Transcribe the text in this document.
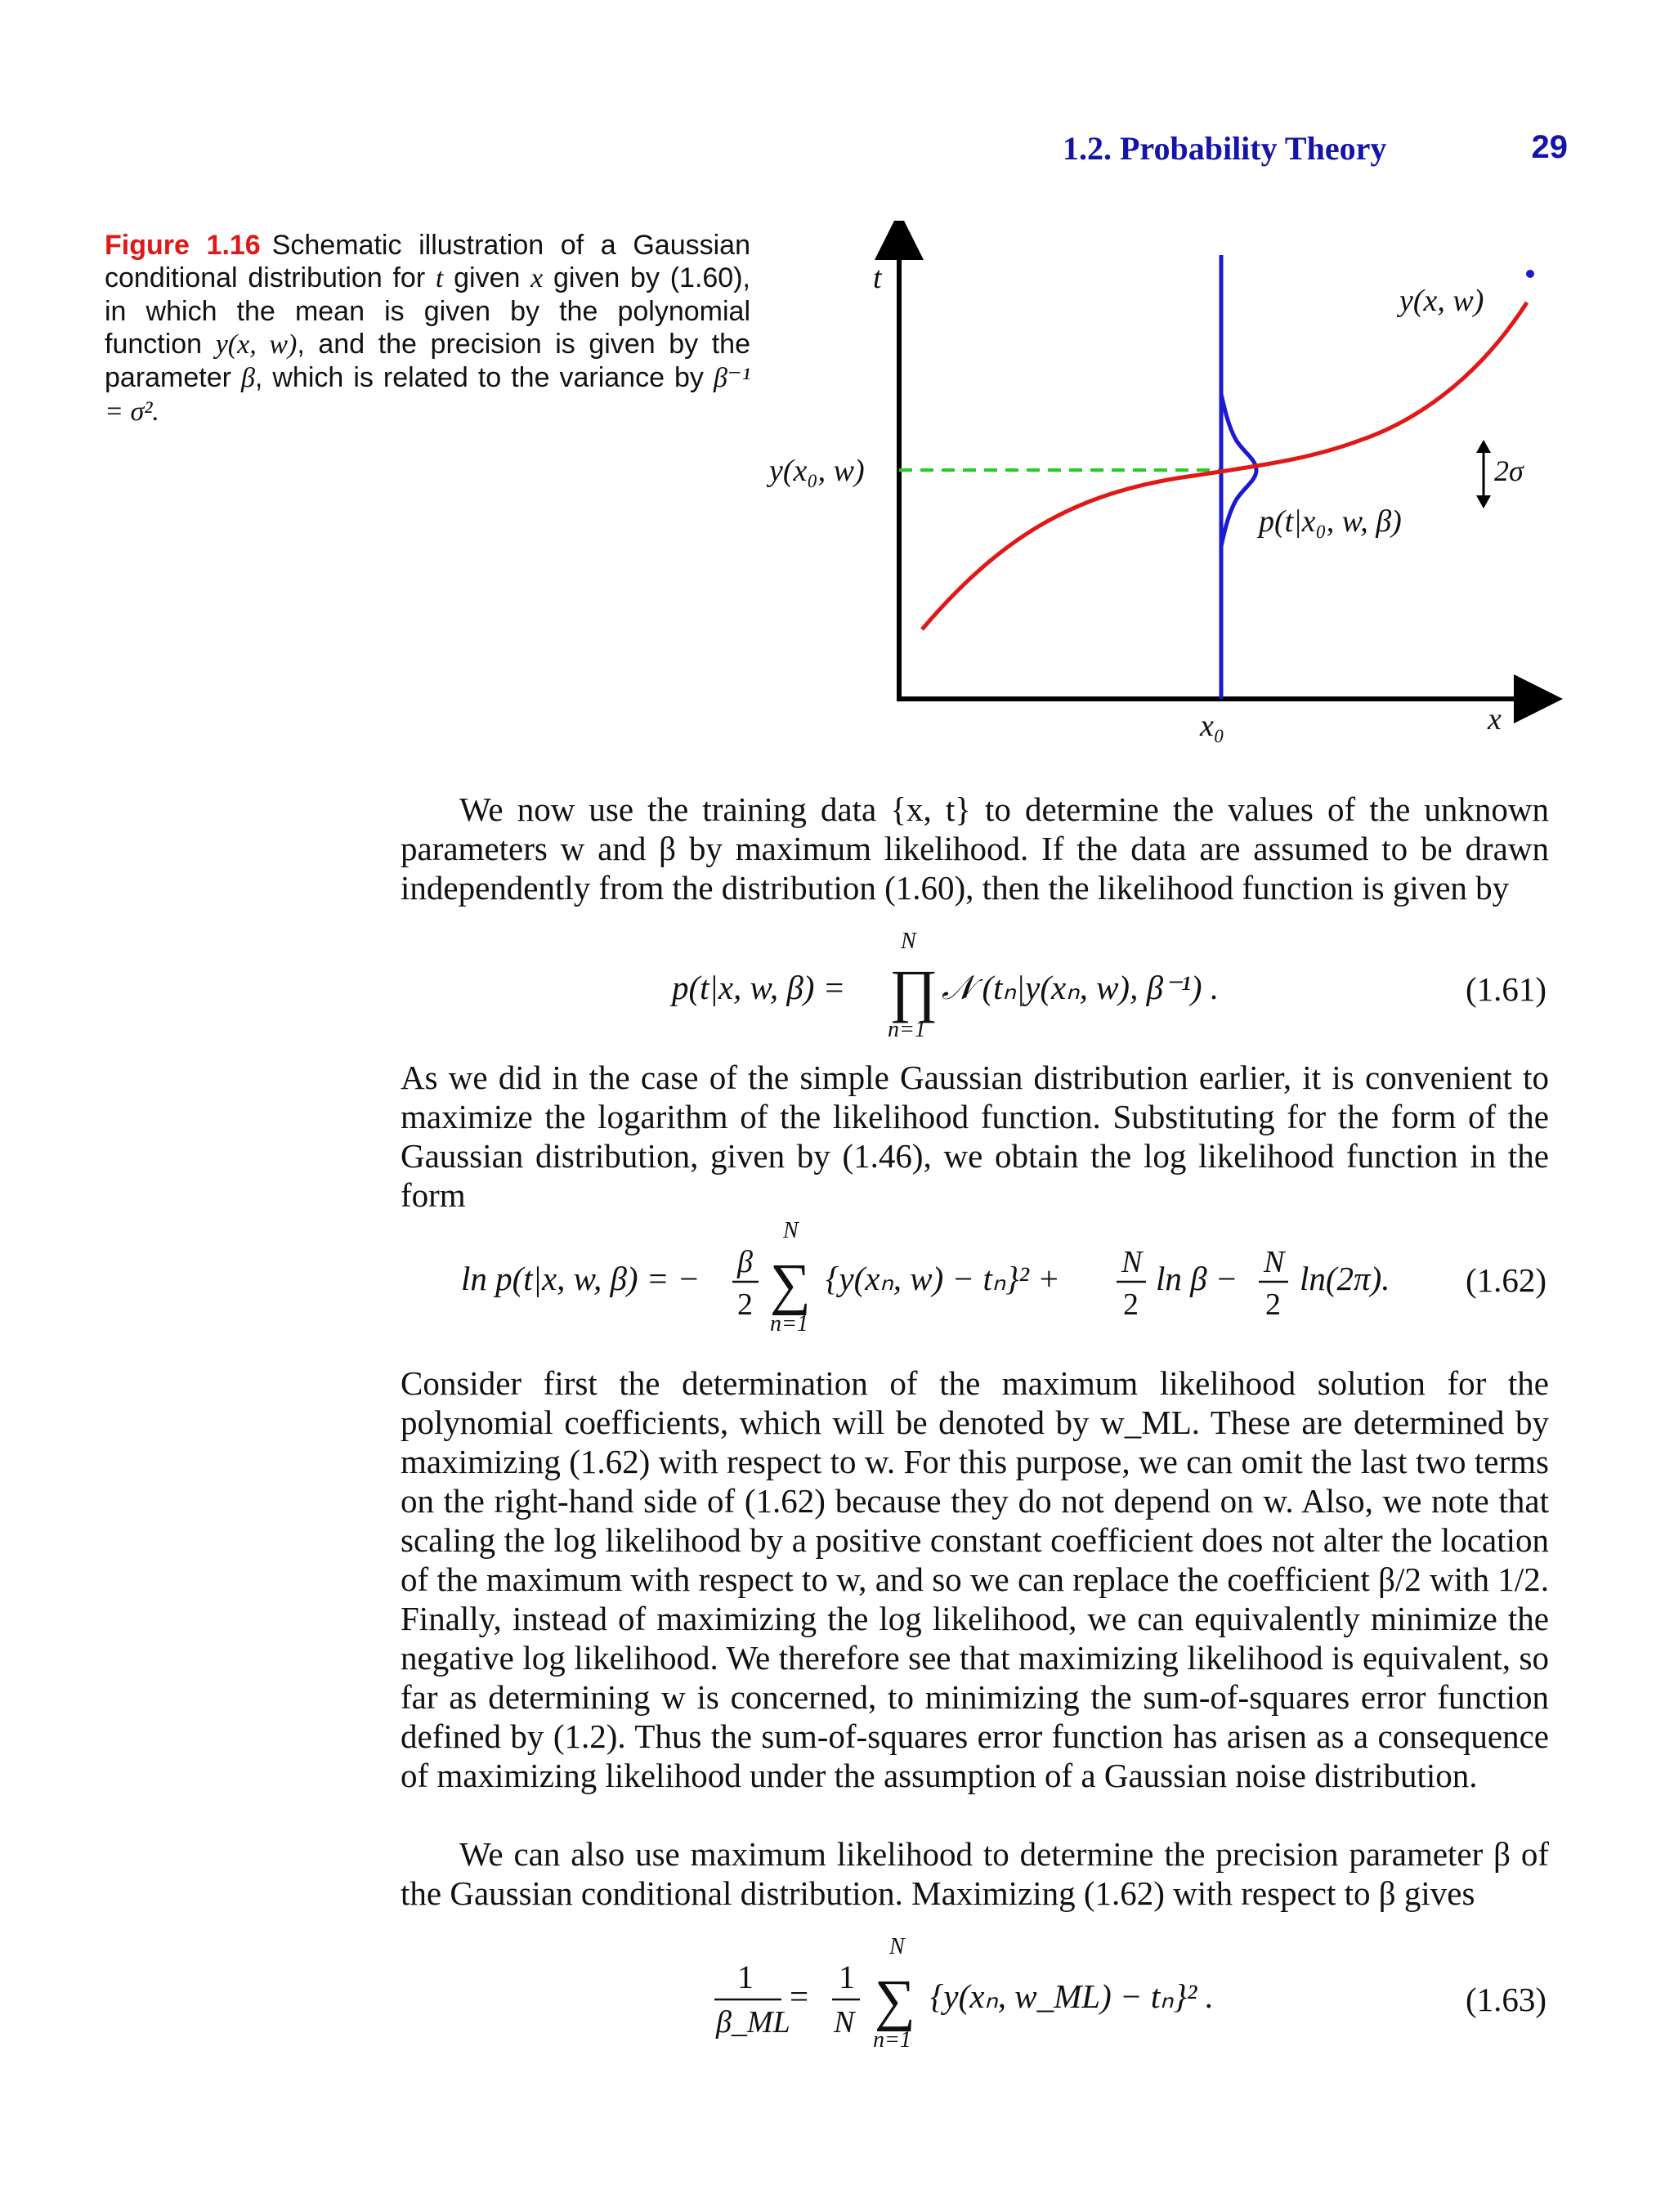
1.2. Probability Theory	29
Figure 1.16 Schematic illustration of a Gaussian conditional distribution for t given x given by (1.60), in which the mean is given by the polynomial function y(x, w), and the precision is given by the parameter β, which is related to the variance by β⁻¹ = σ².
t
y(x, w)
y(x₀, w)
p(t|x₀, w, β)
2σ
x₀	x
We now use the training data {x, t} to determine the values of the unknown parameters w and β by maximum likelihood. If the data are assumed to be drawn independently from the distribution (1.60), then the likelihood function is given by
p(t|x, w, β) =
N
∏
n=1
𝒩 (tₙ|y(xₙ, w), β⁻¹) .	(1.61)
As we did in the case of the simple Gaussian distribution earlier, it is convenient to maximize the logarithm of the likelihood function. Substituting for the form of the Gaussian distribution, given by (1.46), we obtain the log likelihood function in the form
ln p(t|x, w, β) = − β
2
N
∑
n=1
{y(xₙ, w) − tₙ}² + N
2
ln β − N
2
ln(2π). (1.62)
Consider first the determination of the maximum likelihood solution for the polynomial coefficients, which will be denoted by w_ML. These are determined by maximizing (1.62) with respect to w. For this purpose, we can omit the last two terms on the right-hand side of (1.62) because they do not depend on w. Also, we note that scaling the log likelihood by a positive constant coefficient does not alter the location of the maximum with respect to w, and so we can replace the coefficient β/2 with 1/2. Finally, instead of maximizing the log likelihood, we can equivalently minimize the negative log likelihood. We therefore see that maximizing likelihood is equivalent, so far as determining w is concerned, to minimizing the sum-of-squares error function defined by (1.2). Thus the sum-of-squares error function has arisen as a consequence of maximizing likelihood under the assumption of a Gaussian noise distribution.
We can also use maximum likelihood to determine the precision parameter β of the Gaussian conditional distribution. Maximizing (1.62) with respect to β gives
1
β_ML
=
1
N
N
∑
n=1
{y(xₙ, w_ML) − tₙ}² .	(1.63)
